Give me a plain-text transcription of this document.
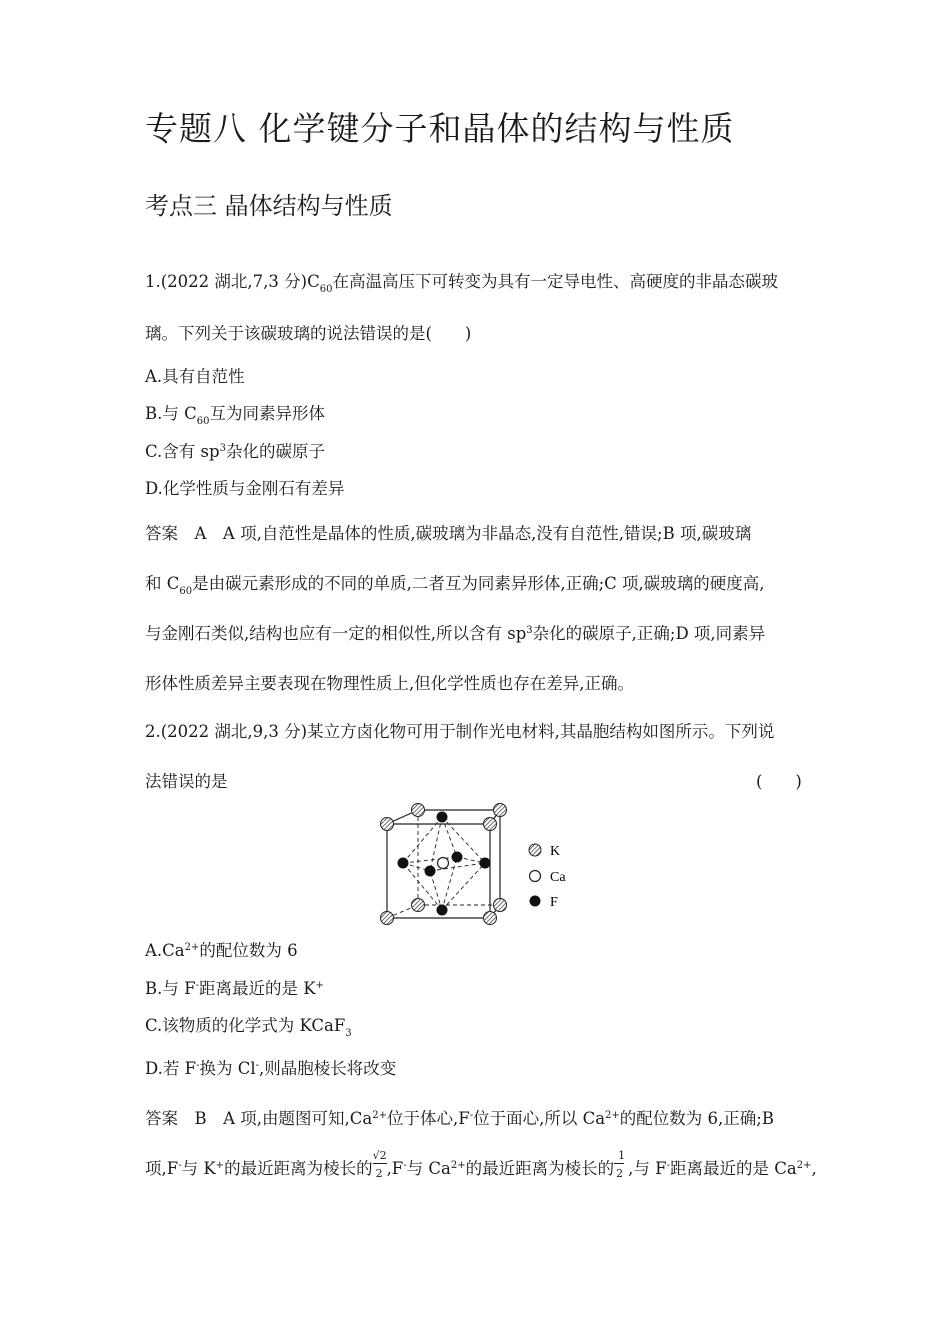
专题八 化学键分子和晶体的结构与性质
考点三 晶体结构与性质
1.(2022 湖北,7,3 分)$C_{60}$在高温高压下可转变为具有一定导电性、高硬度的非晶态碳玻
璃。下列关于该碳玻璃的说法错误的是(　　)
A.具有自范性
B.与 $C_{60}$互为同素异形体
C.含有 $sp^3$杂化的碳原子
D.化学性质与金刚石有差异
答案　A　A 项,自范性是晶体的性质,碳玻璃为非晶态,没有自范性,错误;B 项,碳玻璃
和 $C_{60}$是由碳元素形成的不同的单质,二者互为同素异形体,正确;C 项,碳玻璃的硬度高,
与金刚石类似,结构也应有一定的相似性,所以含有 $sp^3$杂化的碳原子,正确;D 项,同素异
形体性质差异主要表现在物理性质上,但化学性质也存在差异,正确。
2.(2022 湖北,9,3 分)某立方卤化物可用于制作光电材料,其晶胞结构如图所示。下列说
法错误的是	(　　)
K
Ca
F
$A.Ca^{2+}$的配位数为 6
B.与 F-距离最近的是 K+
C.该物质的化学式为 KCaF$_3$
D.若 F-换为 Cl-,则晶胞棱长将改变
答案　B　A 项,由题图可知$,Ca^{2+}$位于体心,F-位于面心,所以 $Ca^{2+}$的配位数为 6,正确;B
项,F-与 K+的最近距离为棱长的 $\frac{√2}{2} ,F^-$与 $Ca^{2+}$的最近距离为棱长的 $\frac{1}{2}$ ,与 F-距离最近的是 $Ca^{2+}$,
